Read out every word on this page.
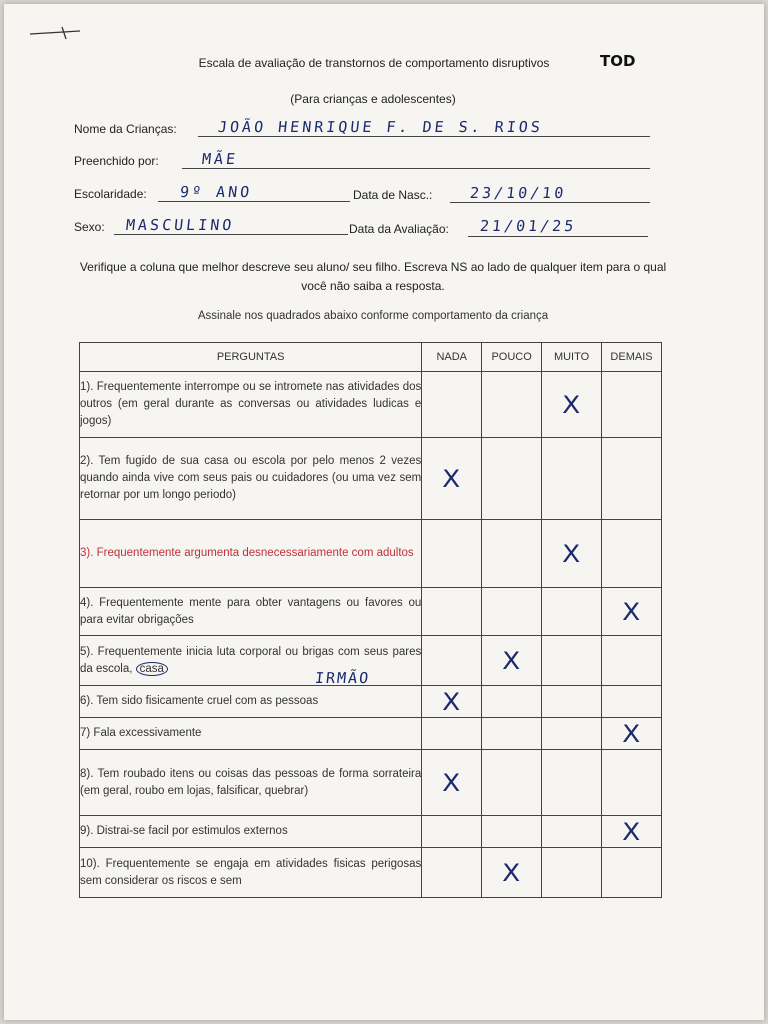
Escala de avaliação de transtornos de comportamento disruptivos	TOD
(Para crianças e adolescentes)
Nome da Crianças:	JOÃO HENRIQUE F. DE S. RIOS
Preenchido por:	MÃE
Escolaridade: 9º ANO	Data de Nasc.: 23/10/10
Sexo: MASCULINO	Data da Avaliação: 21/01/25
Verifique a coluna que melhor descreve seu aluno/ seu filho. Escreva NS ao lado de qualquer item para o qual você não saiba a resposta.
Assinale nos quadrados abaixo conforme comportamento da criança
PERGUNTAS	NADA	POUCO	MUITO	DEMAIS
1). Frequentemente interrompe ou se intromete nas atividades dos outros (em geral durante as conversas ou atividades ludicas e jogos)			X	
2). Tem fugido de sua casa ou escola por pelo menos 2 vezes quando ainda vive com seus pais ou cuidadores (ou uma vez sem retornar por um longo periodo)	X			
3). Frequentemente argumenta desnecessariamente com adultos			X	
4). Frequentemente mente para obter vantagens ou favores ou para evitar obrigações				X
5). Frequentemente inicia luta corporal ou brigas com seus pares da escola, casa		X		
6). Tem sido fisicamente cruel com as pessoas	X			
7) Fala excessivamente				X
8). Tem roubado itens ou coisas das pessoas de forma sorrateira (em geral, roubo em lojas, falsificar, quebrar)	X			
9). Distrai-se facil por estimulos externos				X
10). Frequentemente se engaja em atividades fisicas perigosas sem considerar os riscos e sem		X		
IRMÃO
